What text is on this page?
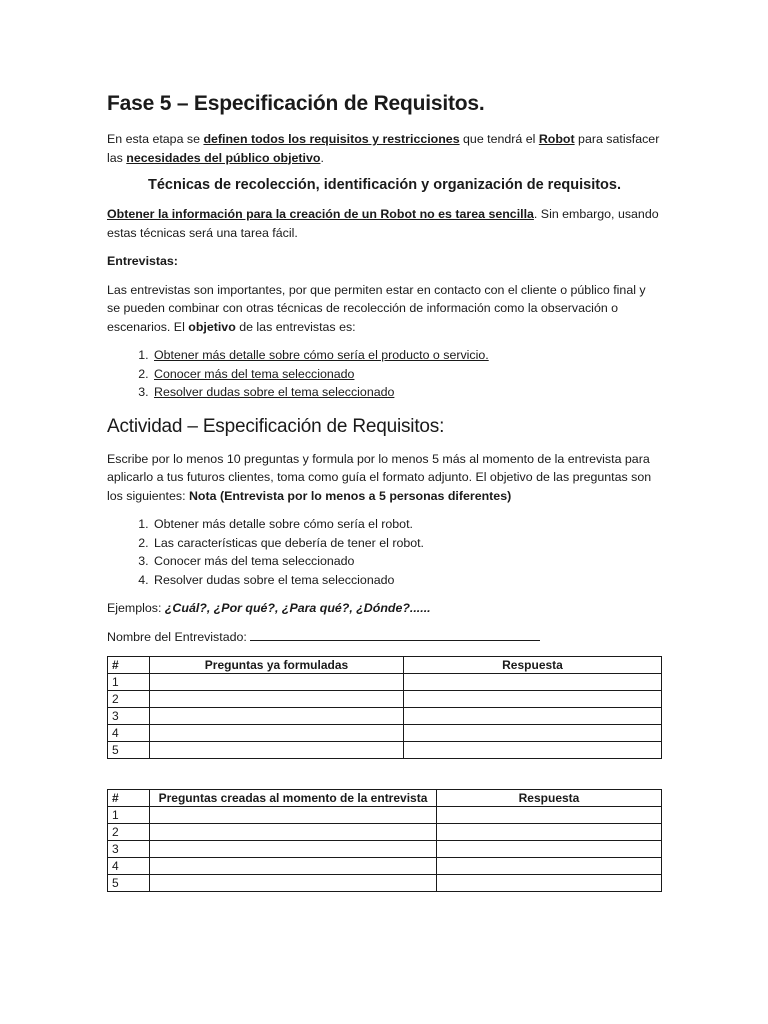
Fase 5 – Especificación de Requisitos.

En esta etapa se definen todos los requisitos y restricciones que tendrá el Robot para satisfacer las necesidades del público objetivo.

Técnicas de recolección, identificación y organización de requisitos.

Obtener la información para la creación de un Robot no es tarea sencilla. Sin embargo, usando estas técnicas será una tarea fácil.

Entrevistas:

Las entrevistas son importantes, por que permiten estar en contacto con el cliente o público final y se pueden combinar con otras técnicas de recolección de información como la observación o escenarios. El objetivo de las entrevistas es:

1. Obtener más detalle sobre cómo sería el producto o servicio.
2. Conocer más del tema seleccionado
3. Resolver dudas sobre el tema seleccionado
Actividad – Especificación de Requisitos:

Escribe por lo menos 10 preguntas y formula por lo menos 5 más al momento de la entrevista para aplicarlo a tus futuros clientes, toma como guía el formato adjunto. El objetivo de las preguntas son los siguientes: Nota (Entrevista por lo menos a 5 personas diferentes)

1. Obtener más detalle sobre cómo sería el robot.
2. Las características que debería de tener el robot.
3. Conocer más del tema seleccionado
4. Resolver dudas sobre el tema seleccionado

Ejemplos: ¿Cuál?, ¿Por qué?, ¿Para qué?, ¿Dónde?......

Nombre del Entrevistado:

#	Preguntas ya formuladas	Respuesta
1		
2		
3		
4		
5		
#	Preguntas creadas al momento de la entrevista	Respuesta
1		
2		
3		
4		
5		
